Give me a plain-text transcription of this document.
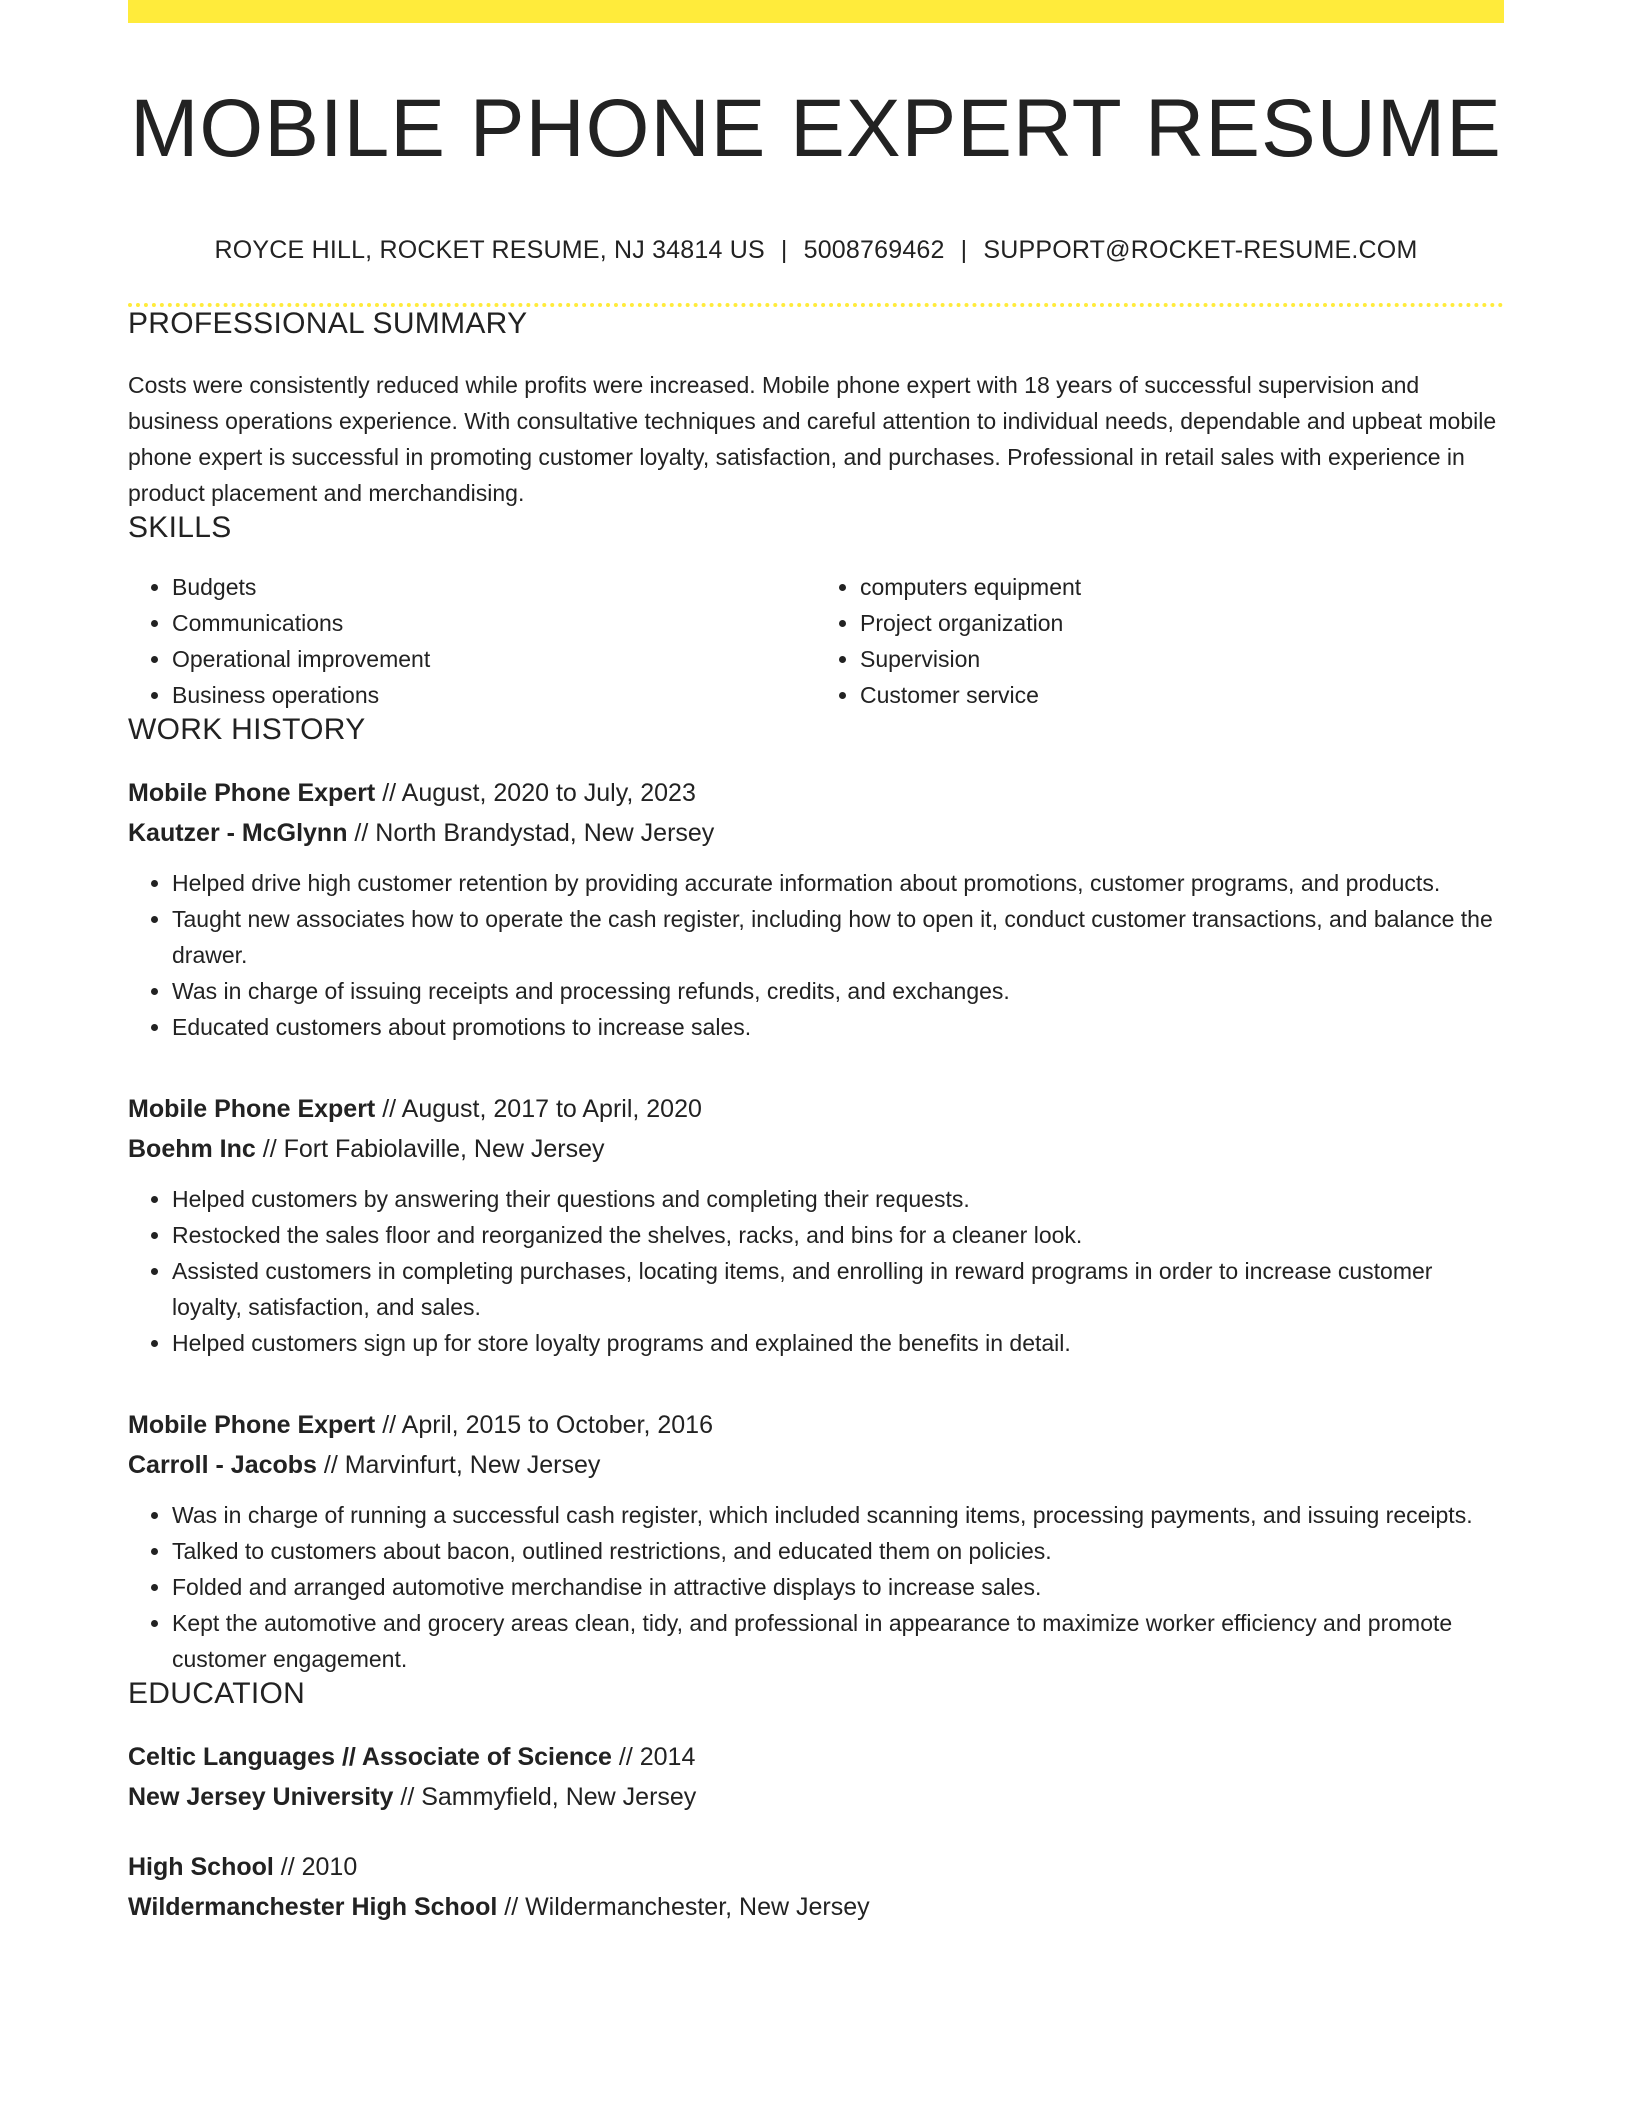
MOBILE PHONE EXPERT RESUME
ROYCE HILL, ROCKET RESUME, NJ 34814 US | 5008769462 | SUPPORT@ROCKET-RESUME.COM
PROFESSIONAL SUMMARY
Costs were consistently reduced while profits were increased. Mobile phone expert with 18 years of successful supervision and business operations experience. With consultative techniques and careful attention to individual needs, dependable and upbeat mobile phone expert is successful in promoting customer loyalty, satisfaction, and purchases. Professional in retail sales with experience in product placement and merchandising.
SKILLS
• Budgets
• Communications
• Operational improvement
• Business operations
• computers equipment
• Project organization
• Supervision
• Customer service
WORK HISTORY
Mobile Phone Expert // August, 2020 to July, 2023
Kautzer - McGlynn // North Brandystad, New Jersey
• Helped drive high customer retention by providing accurate information about promotions, customer programs, and products.
• Taught new associates how to operate the cash register, including how to open it, conduct customer transactions, and balance the drawer.
• Was in charge of issuing receipts and processing refunds, credits, and exchanges.
• Educated customers about promotions to increase sales.
Mobile Phone Expert // August, 2017 to April, 2020
Boehm Inc // Fort Fabiolaville, New Jersey
• Helped customers by answering their questions and completing their requests.
• Restocked the sales floor and reorganized the shelves, racks, and bins for a cleaner look.
• Assisted customers in completing purchases, locating items, and enrolling in reward programs in order to increase customer loyalty, satisfaction, and sales.
• Helped customers sign up for store loyalty programs and explained the benefits in detail.
Mobile Phone Expert // April, 2015 to October, 2016
Carroll - Jacobs // Marvinfurt, New Jersey
• Was in charge of running a successful cash register, which included scanning items, processing payments, and issuing receipts.
• Talked to customers about bacon, outlined restrictions, and educated them on policies.
• Folded and arranged automotive merchandise in attractive displays to increase sales.
• Kept the automotive and grocery areas clean, tidy, and professional in appearance to maximize worker efficiency and promote customer engagement.
EDUCATION
Celtic Languages // Associate of Science // 2014
New Jersey University // Sammyfield, New Jersey
High School // 2010
Wildermanchester High School // Wildermanchester, New Jersey
